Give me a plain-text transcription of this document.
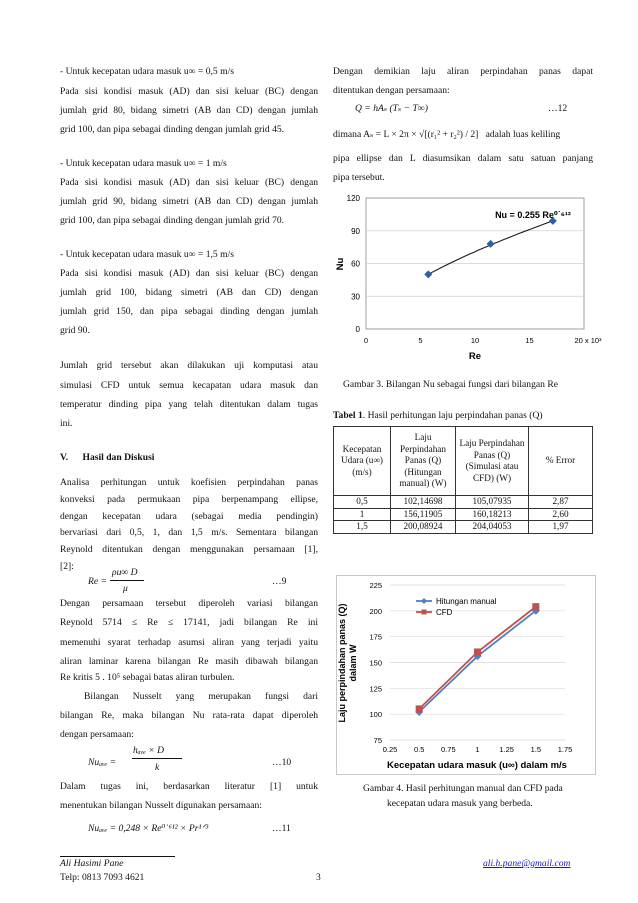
- Untuk kecepatan udara masuk u∞ = 0,5 m/s
Pada sisi kondisi masuk (AD) dan sisi keluar (BC) dengan
jumlah grid 80, bidang simetri (AB dan CD) dengan jumlah
grid 100, dan pipa sebagai dinding dengan jumlah grid 45.
- Untuk kecepatan udara masuk u∞ = 1 m/s
Pada sisi kondisi masuk (AD) dan sisi keluar (BC) dengan
jumlah grid 90, bidang simetri (AB dan CD) dengan jumlah
grid 100, dan pipa sebagai dinding dengan jumlah grid 70.
- Untuk kecepatan udara masuk u∞ = 1,5 m/s
Pada sisi kondisi masuk (AD) dan sisi keluar (BC) dengan
jumlah grid 100, bidang simetri (AB dan CD) dengan
jumlah grid 150, dan pipa sebagai dinding dengan jumlah
grid 90.
Jumlah grid tersebut akan dilakukan uji komputasi atau
simulasi CFD untuk semua kecapatan udara masuk dan
temperatur dinding pipa yang telah ditentukan dalam tugas
ini.
V.      Hasil dan Diskusi
Analisa perhitungan untuk koefisien perpindahan panas
konveksi pada permukaan pipa berpenampang ellipse,
dengan kecepatan udara (sebagai media pendingin)
bervariasi dari 0,5, 1, dan 1,5 m/s. Sementara bilangan
Reynold ditentukan dengan menggunakan persamaan [1],
[2]:
Re =
ρu∞ D
μ
…9
Dengan persamaan tersebut diperoleh variasi bilangan
Reynold 5714 ≤ Re ≤ 17141, jadi bilangan Re ini
memenuhi syarat terhadap asumsi aliran yang terjadi yaitu
aliran laminar karena bilangan Re masih dibawah bilangan
Re kritis 5 . 10⁵ sebagai batas aliran turbulen.
Bilangan Nusselt yang merupakan fungsi dari
bilangan Re, maka bilangan Nu rata-rata dapat diperoleh
dengan persamaan:
Nuₐᵥₑ =
hₐᵥₑ × D
k	…10
Dalam tugas ini, berdasarkan literatur [1] untuk
menentukan bilangan Nusselt digunakan persamaan:
Nuₐᵥₑ = 0,248 × Re⁰˙⁶¹² × Pr¹ᐟ³	…11
Dengan demikian laju aliran perpindahan panas dapat
ditentukan dengan persamaan:
Q = hAₛ (Tₛ − T∞)	…12
dimana Aₛ = L × 2π × √[(r₁² + r₂²) / 2]   adalah luas keliling
pipa ellipse dan L diasumsikan dalam satu satuan panjang
pipa tersebut.
0	5	10	15	20 x 10³
0
30
60
90
120
Re
Nu
Nu = 0.255 Re⁰˙⁶¹²
Gambar 3. Bilangan Nu sebagai fungsi dari bilangan Re
Tabel 1. Hasil perhitungan laju perpindahan panas (Q)
Kecepatan Udara (u∞) (m/s)	Laju Perpindahan Panas (Q) (Hitungan manual) (W)	Laju Perpindahan Panas (Q) (Simulasi atau CFD) (W)	% Error
0,5	102,14698	105,07935	2,87
1	156,11905	160,18213	2,60
1,5	200,08924	204,04053	1,97
0.25 0.5 0.75	1	1.25 1.5 1.75
75
100
125
150
175
200
225
Hitungan manual
CFD
Kecepatan udara masuk (u∞) dalam m/s
Laju perpindahan panas (Q) dalam W
Gambar 4. Hasil perhitungan manual dan CFD pada
kecepatan udara masuk yang berbeda.
Ali Hasimi Pane
Telp: 0813 7093 4621	3
ali.h.pane@gmail.com
